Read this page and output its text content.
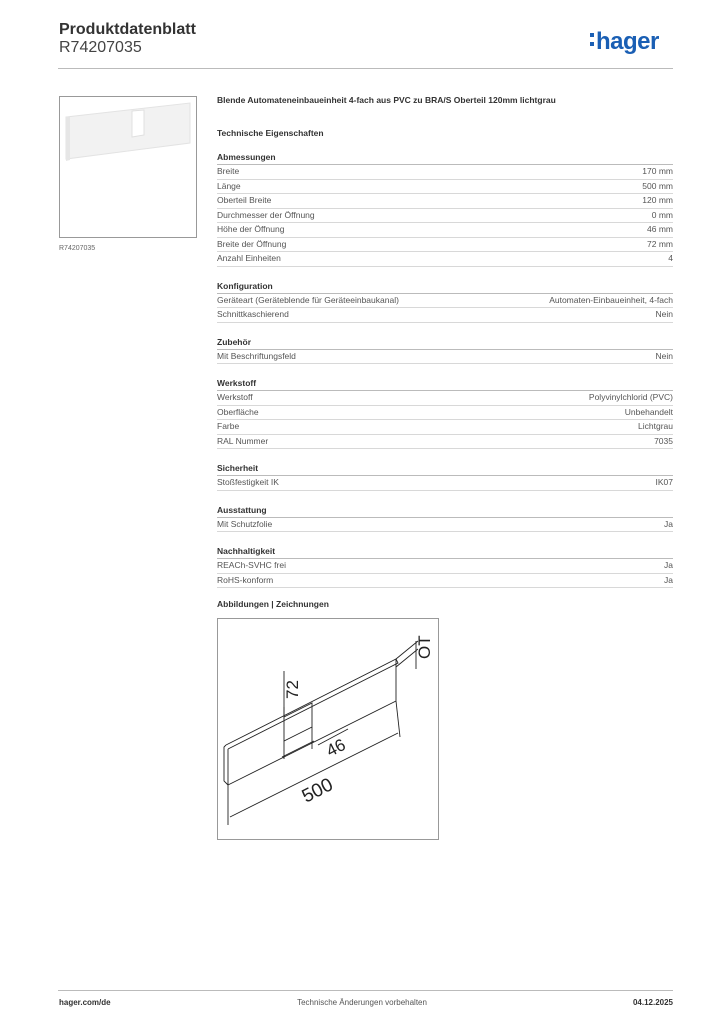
Produktdatenblatt
R74207035	hager
R74207035
Blende Automateneinbaueinheit 4-fach aus PVC zu BRA/S Oberteil 120mm lichtgrau
Technische Eigenschaften
Abmessungen
Breite	170 mm
Länge	500 mm
Oberteil Breite	120 mm
Durchmesser der Öffnung	0 mm
Höhe der Öffnung	46 mm
Breite der Öffnung	72 mm
Anzahl Einheiten	4
Konfiguration
Geräteart (Geräteblende für Geräteeinbaukanal)	Automaten-Einbaueinheit, 4-fach
Schnittkaschierend	Nein
Zubehör
Mit Beschriftungsfeld	Nein
Werkstoff
Werkstoff	Polyvinylchlorid (PVC)
Oberfläche	Unbehandelt
Farbe	Lichtgrau
RAL Nummer	7035
Sicherheit
Stoßfestigkeit IK	IK07
Ausstattung
Mit Schutzfolie	Ja
Nachhaltigkeit
REACh-SVHC frei	Ja
RoHS-konform	Ja
Abbildungen | Zeichnungen
OT
72
46
500
hager.com/de	Technische Änderungen vorbehalten	04.12.2025
